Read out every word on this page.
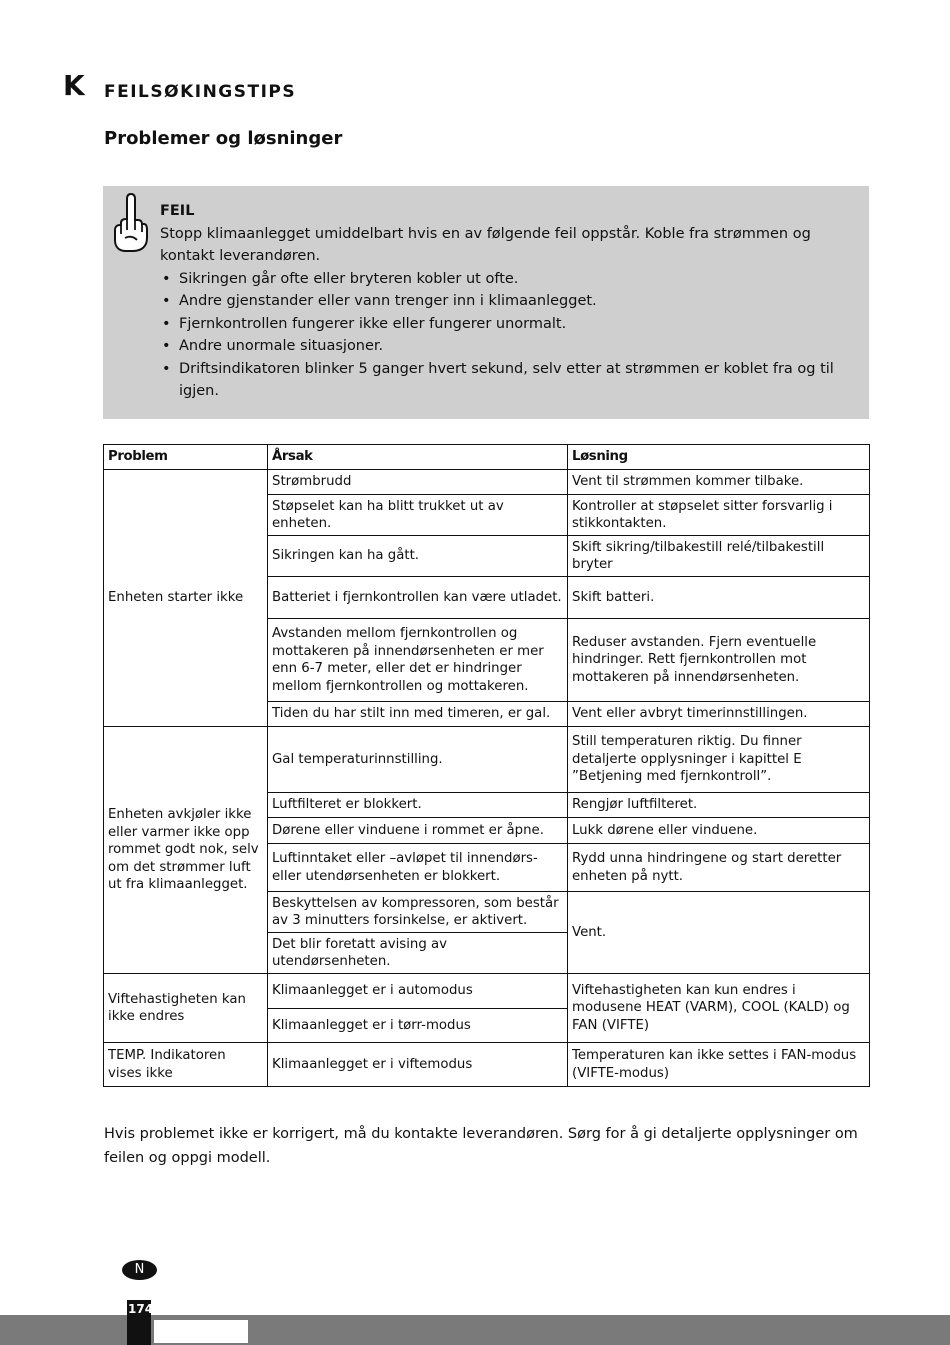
K FEILSØKINGSTIPS
Problemer og løsninger
FEIL
Stopp klimaanlegget umiddelbart hvis en av følgende feil oppstår. Koble fra strømmen og kontakt leverandøren.
• Sikringen går ofte eller bryteren kobler ut ofte.
• Andre gjenstander eller vann trenger inn i klimaanlegget.
• Fjernkontrollen fungerer ikke eller fungerer unormalt.
• Andre unormale situasjoner.
• Driftsindikatoren blinker 5 ganger hvert sekund, selv etter at strømmen er koblet fra og til igjen.
Problem	Årsak	Løsning
Enheten starter ikke	Strømbrudd	Vent til strømmen kommer tilbake.
	Støpselet kan ha blitt trukket ut av enheten.	Kontroller at støpselet sitter forsvarlig i stikkontakten.
	Sikringen kan ha gått.	Skift sikring/tilbakestill relé/tilbakestill bryter
	Batteriet i fjernkontrollen kan være utladet.	Skift batteri.
	Avstanden mellom fjernkontrollen og mottakeren på innendørsenheten er mer enn 6-7 meter, eller det er hindringer mellom fjernkontrollen og mottakeren.	Reduser avstanden. Fjern eventuelle hindringer. Rett fjernkontrollen mot mottakeren på innendørsenheten.
	Tiden du har stilt inn med timeren, er gal.	Vent eller avbryt timerinnstillingen.
Enheten avkjøler ikke eller varmer ikke opp rommet godt nok, selv om det strømmer luft ut fra klimaanlegget.	Gal temperaturinnstilling.	Still temperaturen riktig. Du finner detaljerte opplysninger i kapittel E ”Betjening med fjernkontroll”.
	Luftfilteret er blokkert.	Rengjør luftfilteret.
	Dørene eller vinduene i rommet er åpne.	Lukk dørene eller vinduene.
	Luftinntaket eller –avløpet til innendørs- eller utendørsenheten er blokkert.	Rydd unna hindringene og start deretter enheten på nytt.
	Beskyttelsen av kompressoren, som består av 3 minutters forsinkelse, er aktivert.	Vent.
	Det blir foretatt avising av utendørsenheten.	
Viftehastigheten kan ikke endres	Klimaanlegget er i automodus	Viftehastigheten kan kun endres i modusene HEAT (VARM), COOL (KALD) og FAN (VIFTE)
	Klimaanlegget er i tørr-modus	
TEMP. Indikatoren vises ikke	Klimaanlegget er i viftemodus	Temperaturen kan ikke settes i FAN-modus (VIFTE-modus)
Hvis problemet ikke er korrigert, må du kontakte leverandøren. Sørg for å gi detaljerte opplysninger om feilen og oppgi modell.
N
174
